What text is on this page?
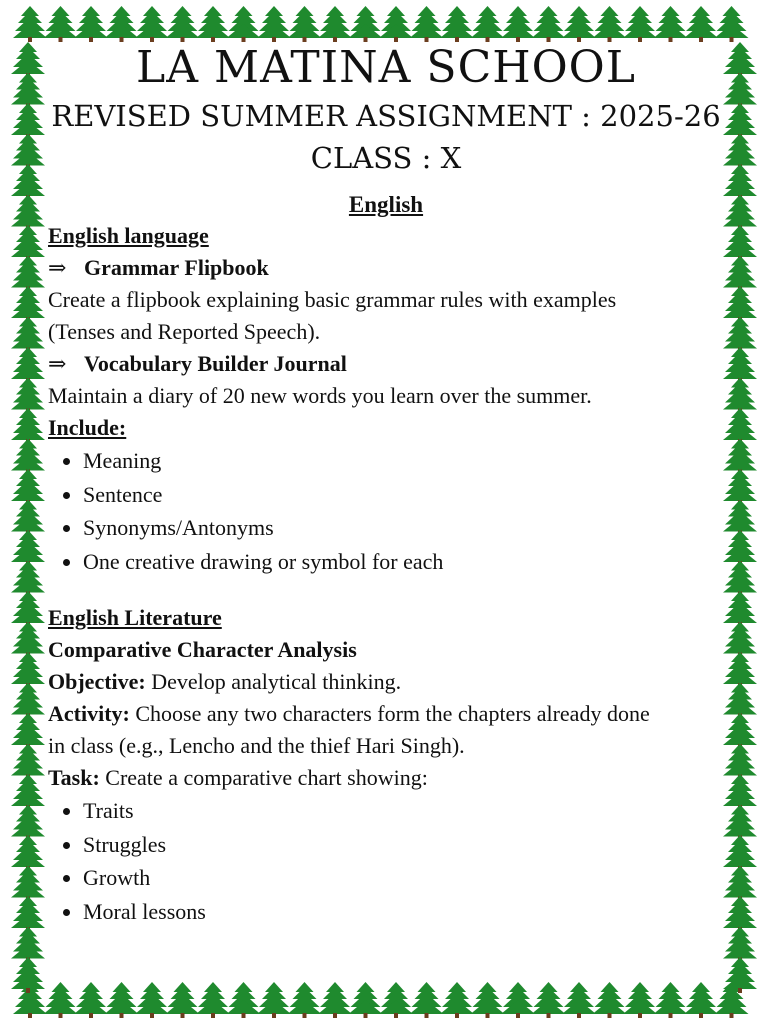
LA MATINA SCHOOL
REVISED SUMMER ASSIGNMENT : 2025-26
CLASS : X
English
English language
⇒ Grammar Flipbook
Create a flipbook explaining basic grammar rules with examples
(Tenses and Reported Speech).
⇒ Vocabulary Builder Journal
Maintain a diary of 20 new words you learn over the summer.
Include:
• Meaning
• Sentence
• Synonyms/Antonyms
• One creative drawing or symbol for each
English Literature
Comparative Character Analysis
Objective: Develop analytical thinking.
Activity: Choose any two characters form the chapters already done
in class (e.g., Lencho and the thief Hari Singh).
Task: Create a comparative chart showing:
• Traits
• Struggles
• Growth
• Moral lessons
